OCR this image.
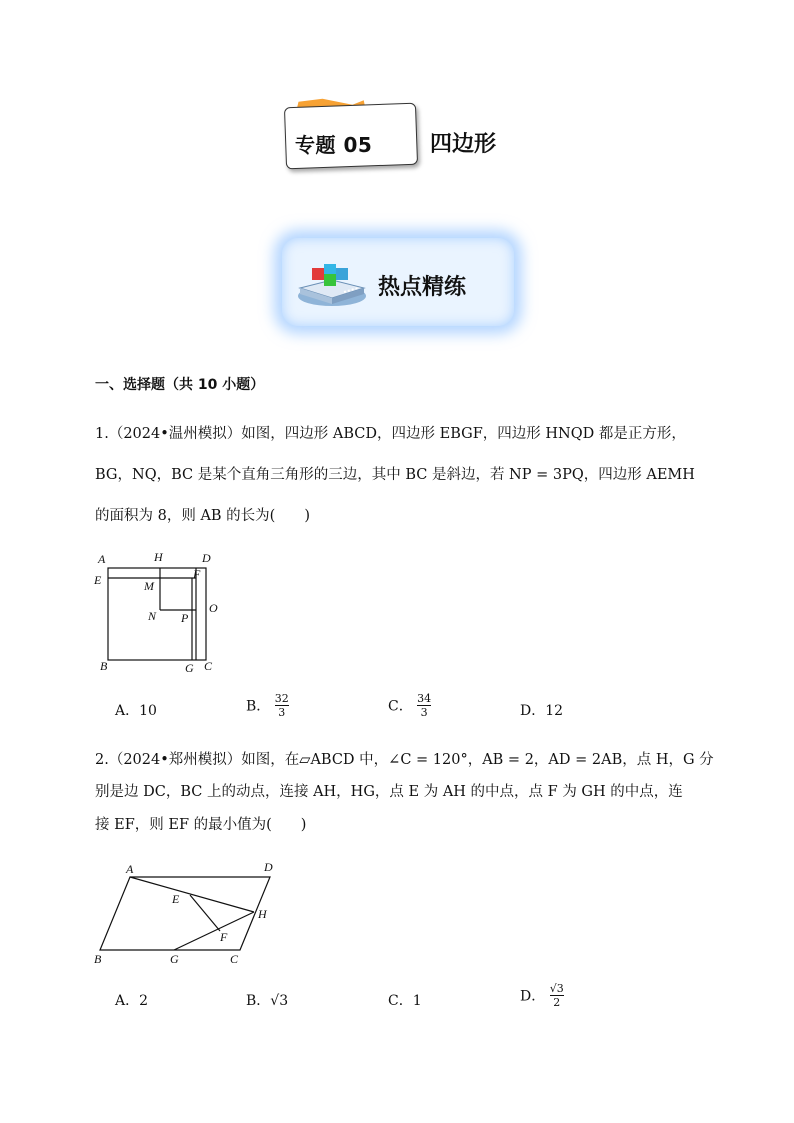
专题 05	四边形
热点精练
一、选择题（共 10 小题）
1.（2024•温州模拟）如图，四边形 ABCD，四边形 EBGF，四边形 HNQD 都是正方形，
BG，NQ，BC 是某个直角三角形的三边，其中 BC 是斜边，若 NP = 3PQ，四边形 AEMH
的面积为 8，则 AB 的长为(　　)
A	H	D
E	F
M
O
N P
B	G C
A．10	B． $\frac{32}{3}$	C． $\frac{34}{3}$	D．12
2.（2024•郑州模拟）如图，在▱ABCD 中，∠C = 120°，AB = 2，AD = 2AB，点 H，G 分
别是边 DC，BC 上的动点，连接 AH，HG，点 E 为 AH 的中点，点 F 为 GH 的中点，连
接 EF，则 EF 的最小值为(　　)
A	D
E
H
F
B	G	C
A．2	B．√3	C．1	D． $\frac{√3}{2}$
